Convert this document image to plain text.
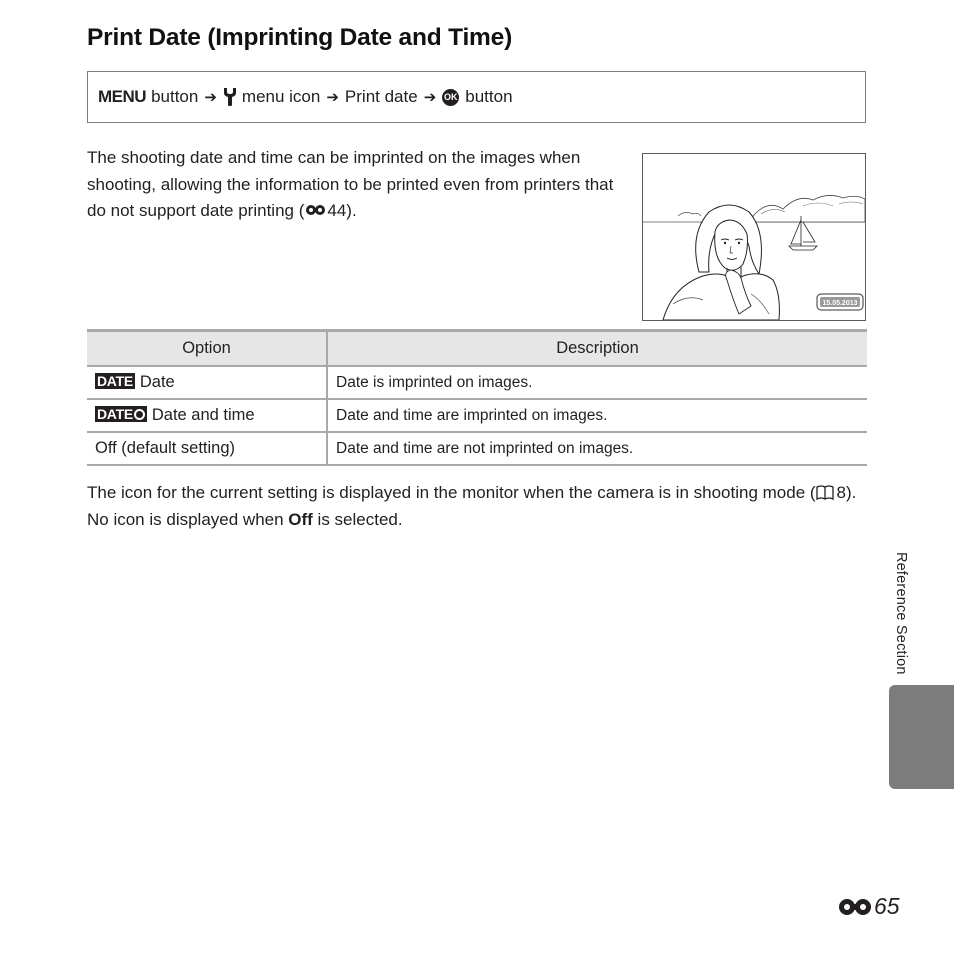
Print Date (Imprinting Date and Time)
MENU button ➔ menu icon ➔ Print date ➔ OK button
The shooting date and time can be imprinted on the images when shooting, allowing the information to be printed even from printers that do not support date printing ( 44).
15.05.2013
Option	Description
DATE Date	Date is imprinted on images.
DATE Date and time	Date and time are imprinted on images.
Off (default setting)	Date and time are not imprinted on images.
The icon for the current setting is displayed in the monitor when the camera is in shooting mode ( 8). No icon is displayed when Off is selected.
Reference Section
65
